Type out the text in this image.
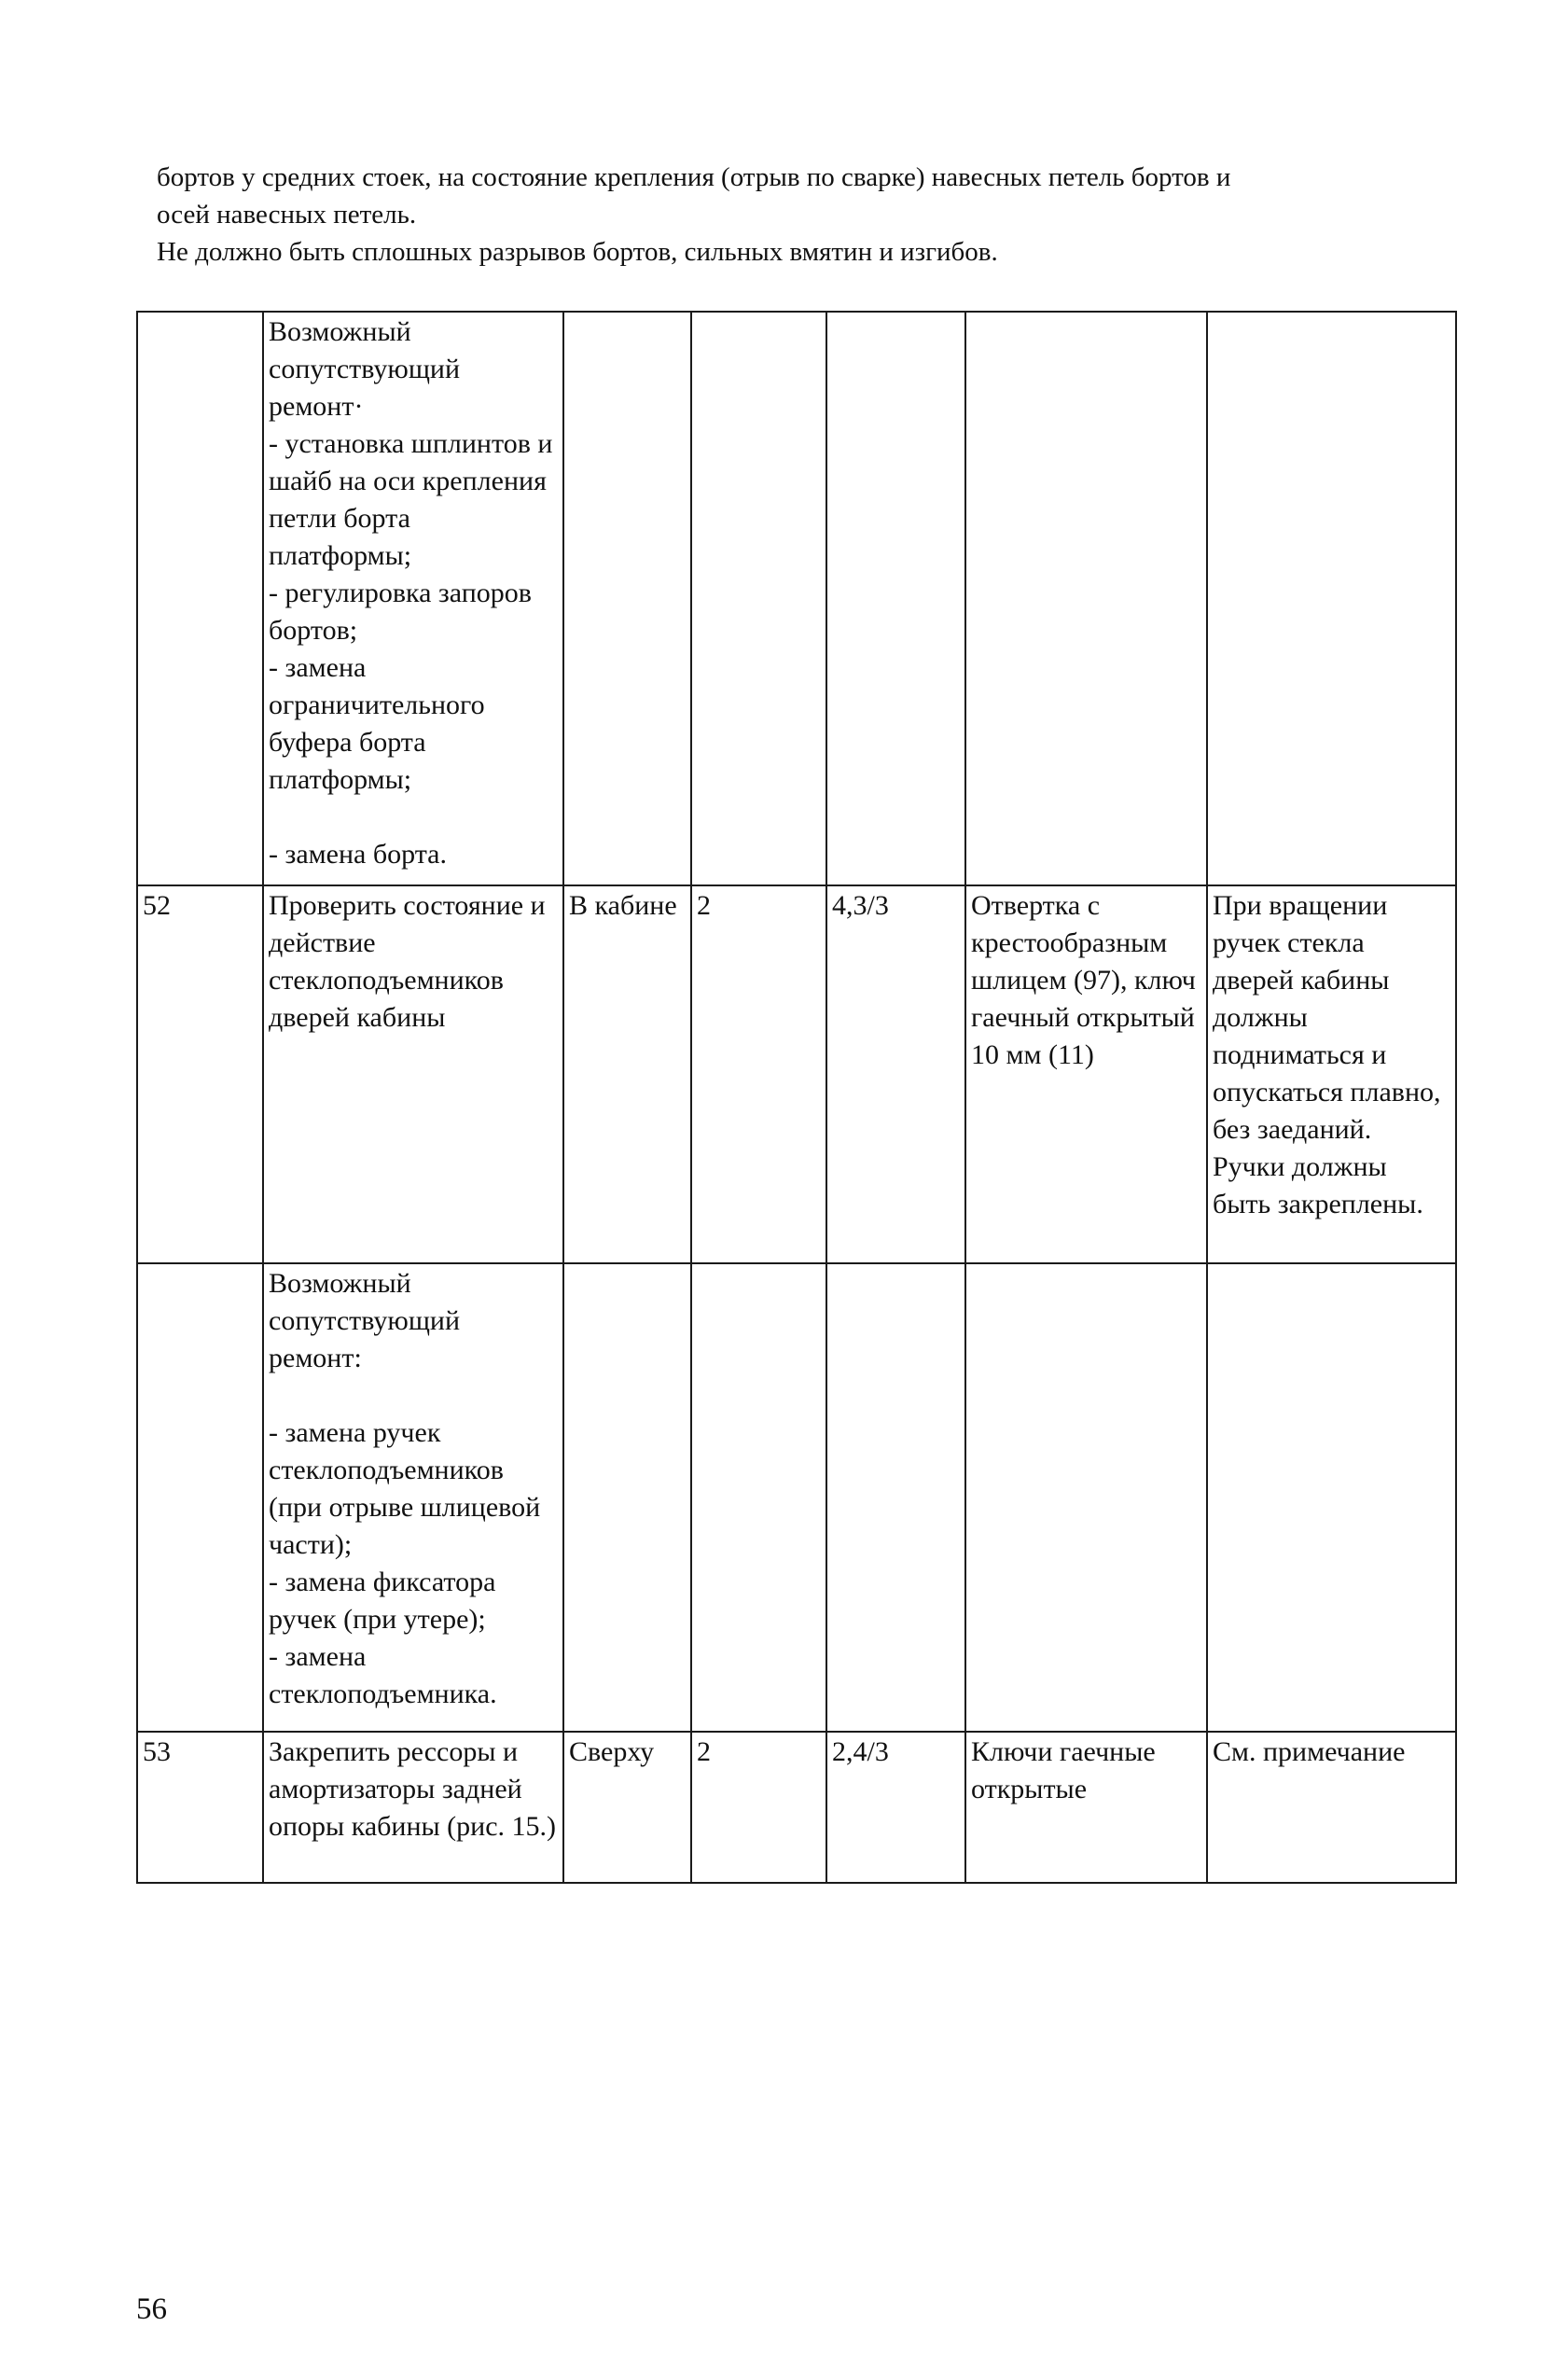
бортов у средних стоек, на состояние крепления (отрыв по сварке) навесных петель бортов и

осей навесных петель.

Не должно быть сплошных разрывов бортов, сильных вмятин и изгибов.

	Возможный сопутствующий ремонт·
- установка шплинтов и шайб на оси крепления петли борта платформы;
- регулировка запоров бортов;
- замена ограничительного буфера борта платформы;
- замена борта.					

52	Проверить состояние и действие стеклоподъемников дверей кабины	В кабине	2	4,3/3	Отвертка с крестообразным шлицем (97), ключ гаечный открытый 10 мм (11)	При вращении ручек стекла дверей кабины должны подниматься и опускаться плавно, без заеданий. Ручки должны быть закреплены.

	Возможный сопутствующий ремонт:
- замена ручек стеклоподъемников (при отрыве шлицевой части);
- замена фиксатора ручек (при утере);
- замена стеклоподъемника.					

53	Закрепить рессоры и амортизаторы задней опоры кабины (рис. 15.)	Сверху	2	2,4/3	Ключи гаечные открытые	См. примечание
56
